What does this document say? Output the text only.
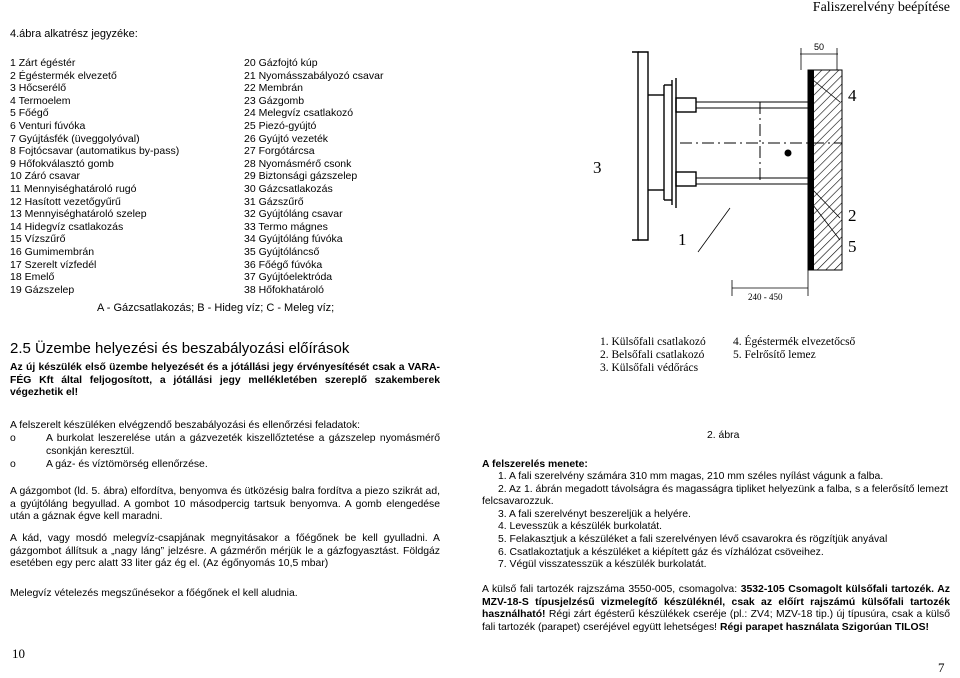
Faliszerelvény beépítése
4.ábra alkatrész jegyzéke:
1 Zárt égéstér
2 Égéstermék elvezető
3 Hőcserélő
4 Termoelem
5 Főégő
6 Venturi fúvóka
7 Gyújtásfék (üveggolyóval)
8 Fojtócsavar (automatikus by-pass)
9 Hőfokválasztó gomb
10 Záró csavar
11 Mennyiséghatároló rugó
12 Hasított vezetőgyűrű
13 Mennyiséghatároló szelep
14 Hidegvíz csatlakozás
15 Vízszűrő
16 Gumimembrán
17 Szerelt vízfedél
18 Emelő
19 Gázszelep
20 Gázfojtó kúp
21 Nyomásszabályozó csavar
22 Membrán
23 Gázgomb
24 Melegvíz csatlakozó
25 Piezó-gyújtó
26 Gyújtó vezeték
27 Forgótárcsa
28 Nyomásmérő csonk
29 Biztonsági gázszelep
30 Gázcsatlakozás
31 Gázszűrő
32 Gyújtóláng csavar
33 Termo mágnes
34 Gyújtóláng fúvóka
35 Gyújtóláncső
36 Főégő fúvóka
37 Gyújtóelektróda
38 Hőfokhatároló
A - Gázcsatlakozás; B - Hideg víz; C - Meleg víz;
50
3
4
1
2
5
240 - 450
1. Külsőfali csatlakozó
2. Belsőfali csatlakozó
3. Külsőfali védőrács
4. Égéstermék elvezetőcső
5. Felrősítő lemez
2. ábra
2.5 Üzembe helyezési és beszabályozási előírások

Az új készülék első üzembe helyezését és a jótállási jegy érvényesítését csak a VARA-FÉG Kft által feljogosított, a jótállási jegy mellékletében szereplő szakemberek végezhetik el!

A felszerelt készüléken elvégzendő beszabályozási és ellenőrzési feladatok:

o	A burkolat leszerelése után a gázvezeték kiszellőztetése a gázszelep nyomásmérő csonkján keresztül.
o	A gáz- és víztömörség ellenőrzése.

A gázgombot (ld. 5. ábra) elfordítva, benyomva és ütközésig balra fordítva a piezo szikrát ad, a gyújtóláng begyullad. A gombot 10 másodpercig tartsuk benyomva. A gomb elengedése után a gáznak égve kell maradni.

A kád, vagy mosdó melegvíz-csapjának megnyitásakor a főégőnek be kell gyulladni. A gázgombot állítsuk a „nagy láng” jelzésre. A gázmérőn mérjük le a gázfogyasztást. Földgáz esetében egy perc alatt 33 liter gáz ég el. (Az égőnyomás 10,5 mbar)

Melegvíz vételezés megszűnésekor a főégőnek el kell aludnia.

A felszerelés menete:
1. A fali szerelvény számára 310 mm magas, 210 mm széles nyílást vágunk a falba.
2. Az 1. ábrán megadott távolságra és magasságra tipliket helyezünk a falba, s a felerősítő lemezt felcsavarozzuk.
3. A fali szerelvényt beszereljük a helyére.
4. Levesszük a készülék burkolatát.
5. Felakasztjuk a készüléket a fali szerelvényen lévő csavarokra és rögzítjük anyával
6. Csatlakoztatjuk a készüléket a kiépített gáz és vízhálózat csöveihez.
7. Végül visszatesszük a készülék burkolatát.

A külső fali tartozék rajzszáma 3550-005, csomagolva: 3532-105 Csomagolt külsőfali tartozék. Az MZV-18-S típusjelzésű vizmelegítő készüléknél, csak az előírt rajszámú külsőfali tartozék használható! Régi zárt égésterű készülékek cseréje (pl.: ZV4; MZV-18 tip.) új típusúra, csak a külső fali tartozék (parapet) cseréjével együtt lehetséges! Régi parapet használata Szigorúan TILOS!

10
7
